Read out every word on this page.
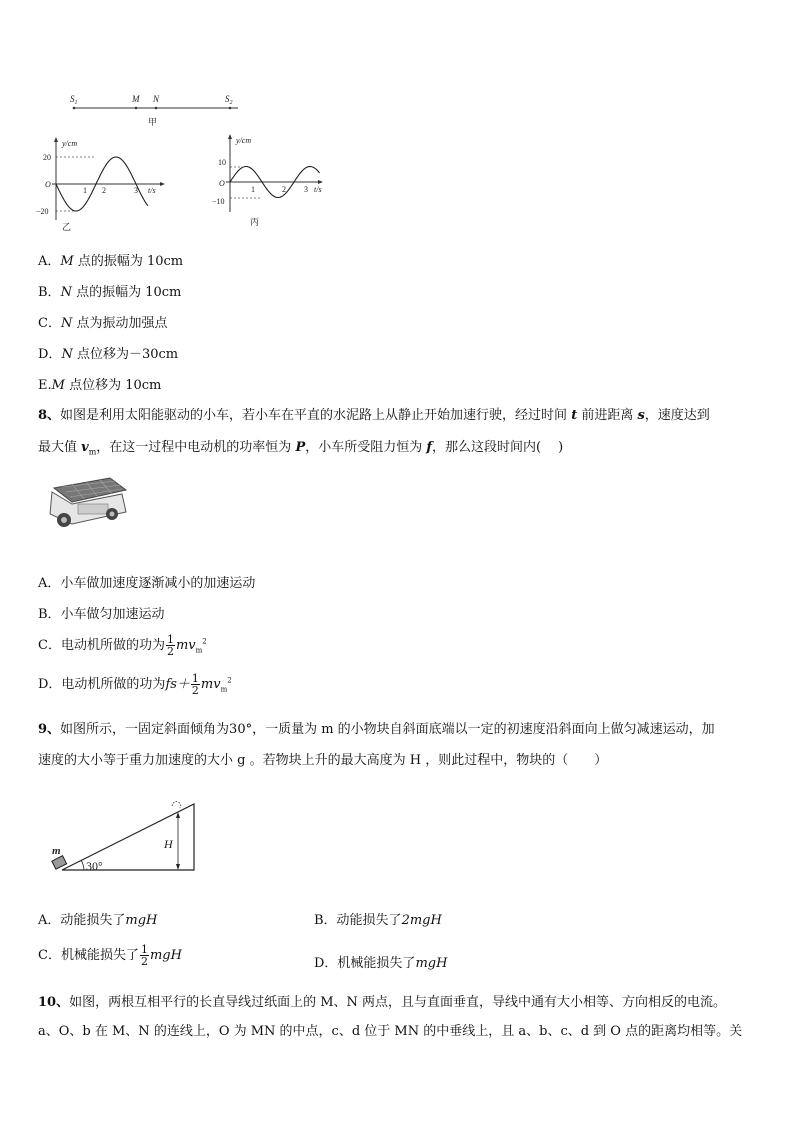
$S_1$	M N	$S_2$
甲
y/cm
O
20
−20
1 2	3 t/s
乙
y/cm
O
10
−10
1	2 3 t/s
丙
A．M 点的振幅为 10cm
B．N 点的振幅为 10cm
C．N 点为振动加强点
D．N 点位移为－30cm
E.M 点位移为 10cm
8、如图是利用太阳能驱动的小车，若小车在平直的水泥路上从静止开始加速行驶，经过时间 t 前进距离 s，速度达到
最大值 $v_m$，在这一过程中电动机的功率恒为 P，小车所受阻力恒为 f，那么这段时间内(　 )
A．小车做加速度逐渐减小的加速运动
B．小车做匀加速运动
C．电动机所做的功为 $\frac{1}{2} mv_m^2$
D．电动机所做的功为$fs+ \frac{1}{2} mv_m^2$
9、如图所示，一固定斜面倾角为30°，一质量为 m 的小物块自斜面底端以一定的初速度沿斜面向上做匀减速运动，加
速度的大小等于重力加速度的大小 g 。若物块上升的最大高度为 H ，则此过程中，物块的（　　）
m
30°
H
A．动能损失了mgH	B．动能损失了2mgH
C．机械能损失了 $\frac{1}{2}$ mgH
D．机械能损失了mgH
10、如图，两根互相平行的长直导线过纸面上的 M、N 两点，且与直面垂直，导线中通有大小相等、方向相反的电流。
a、O、b 在 M、N 的连线上，O 为 MN 的中点，c、d 位于 MN 的中垂线上，且 a、b、c、d 到 O 点的距离均相等。关
